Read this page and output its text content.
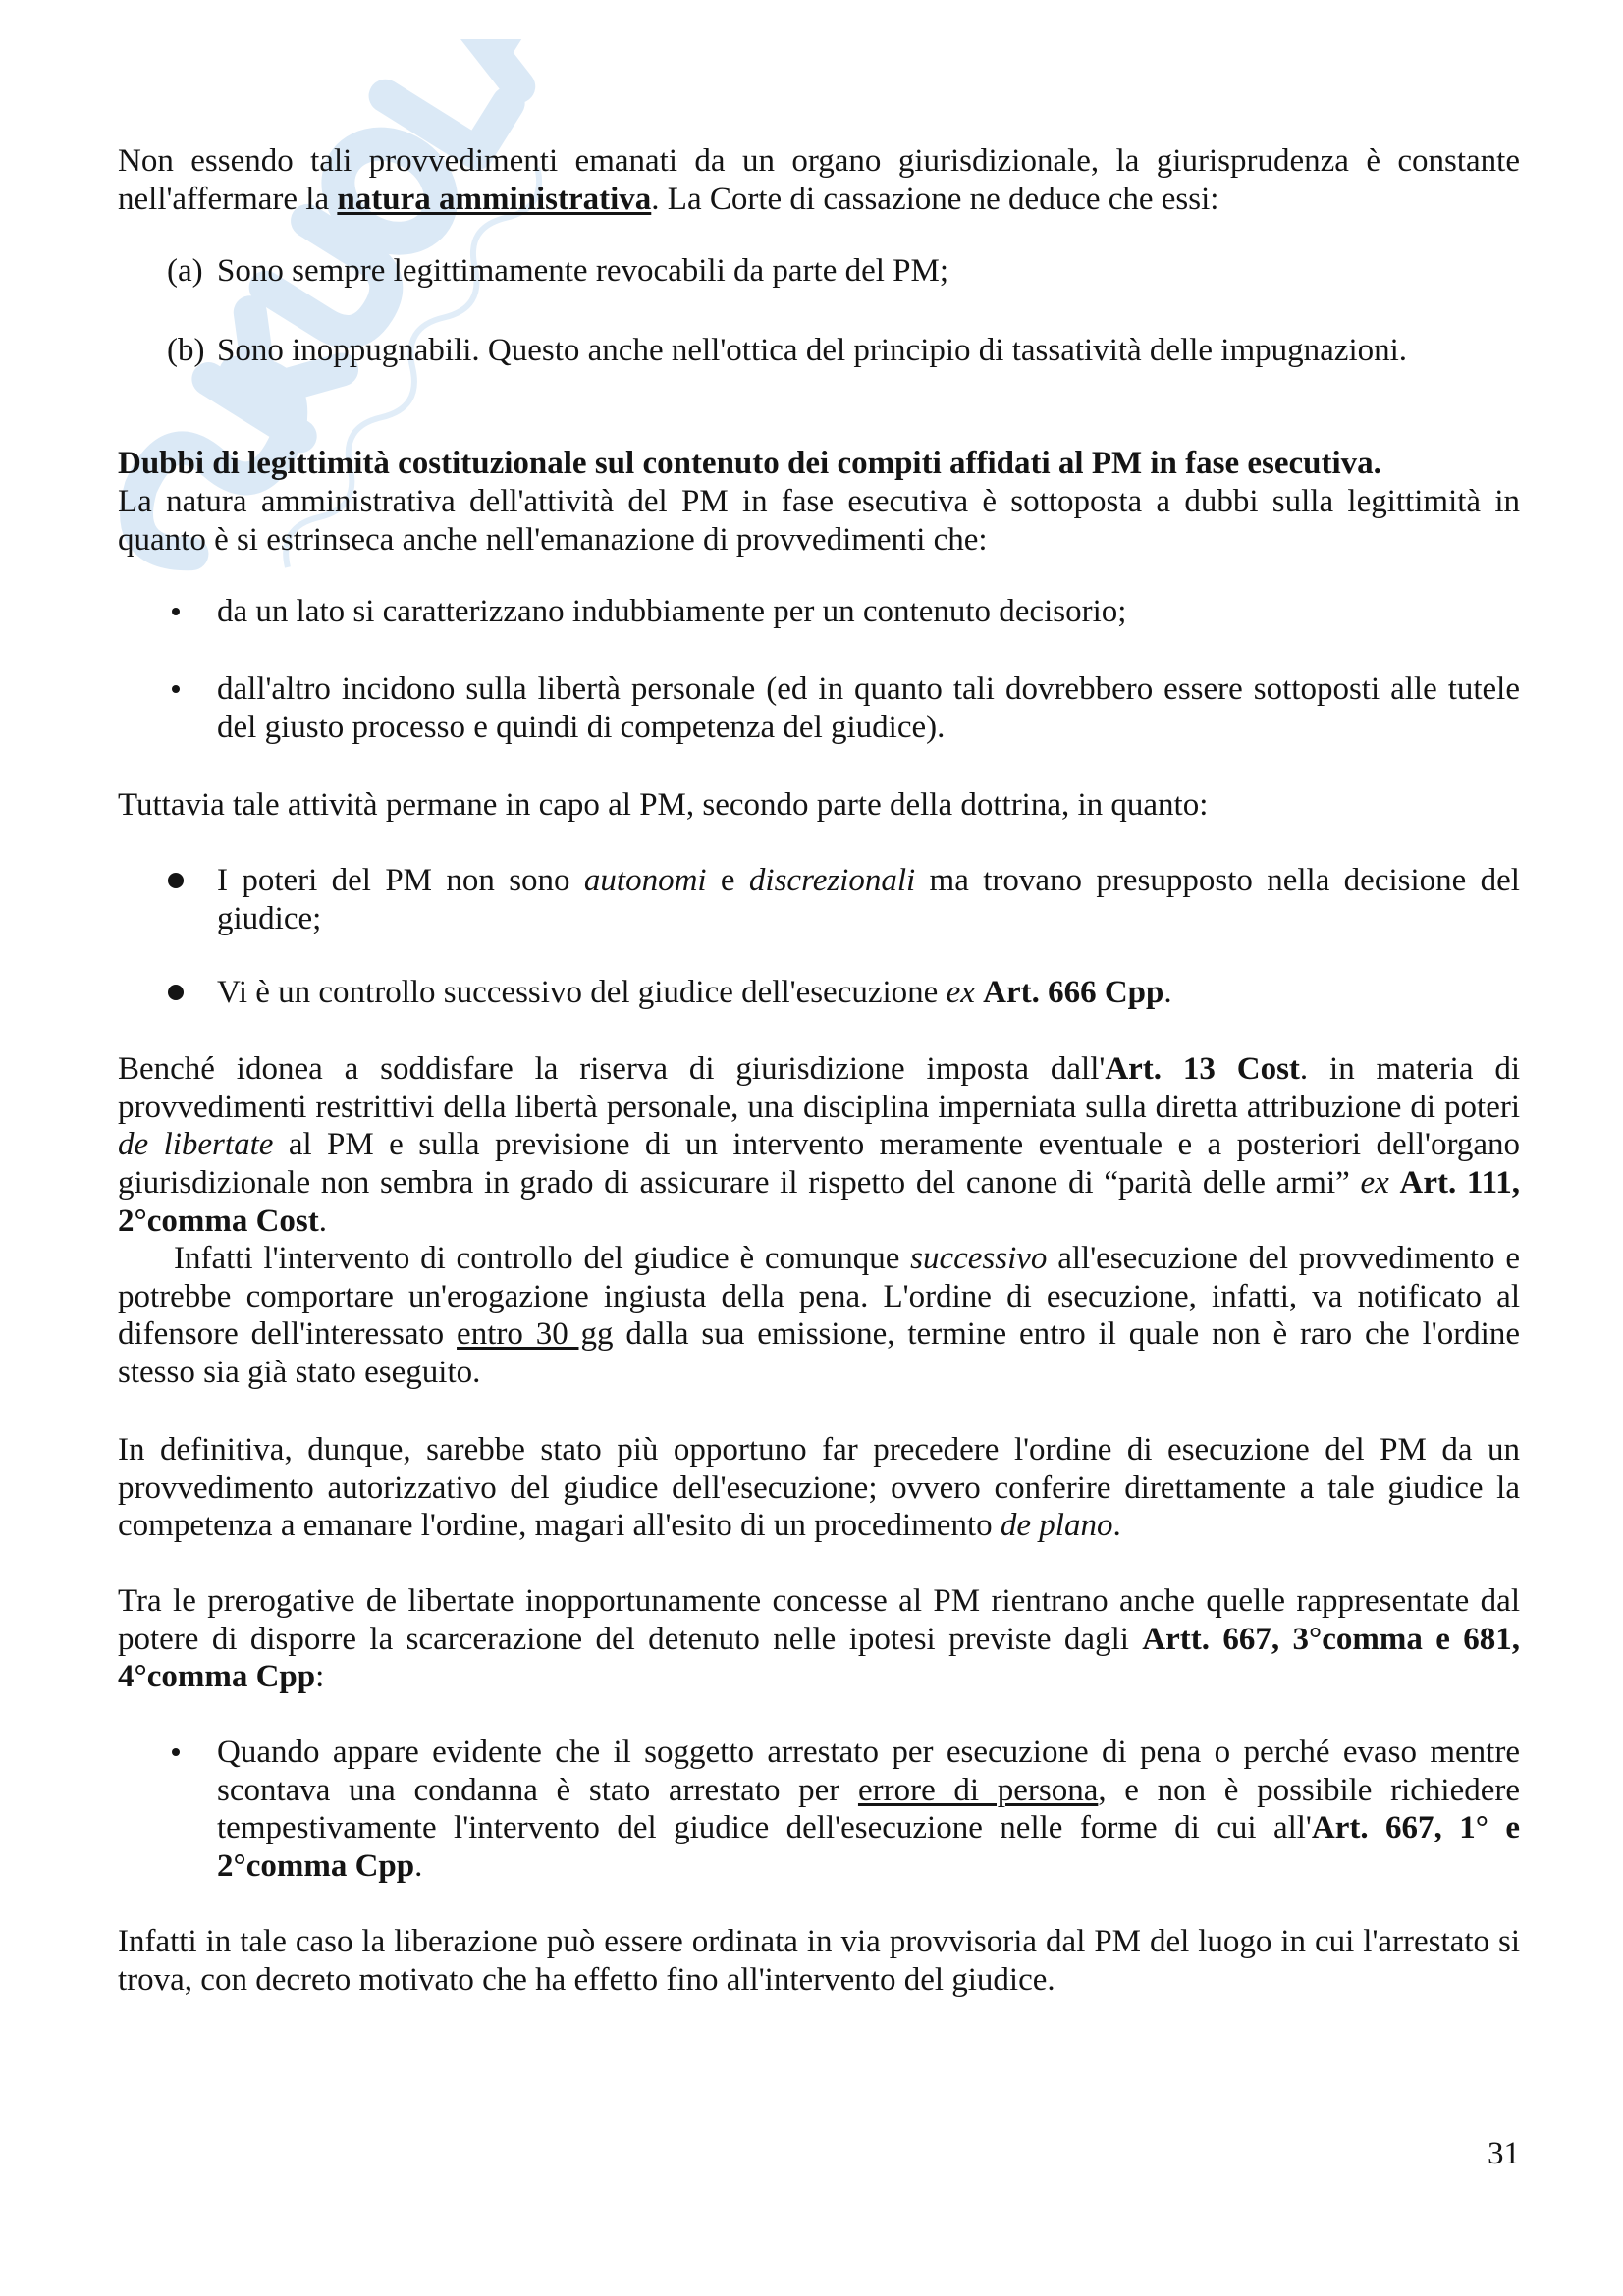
Non essendo tali provvedimenti emanati da un organo giurisdizionale, la giurisprudenza è constante nell'affermare la natura amministrativa. La Corte di cassazione ne deduce che essi:

(a) Sono sempre legittimamente revocabili da parte del PM;

(b) Sono inoppugnabili. Questo anche nell'ottica del principio di tassatività delle impugnazioni.

Dubbi di legittimità costituzionale sul contenuto dei compiti affidati al PM in fase esecutiva.

La natura amministrativa dell'attività del PM in fase esecutiva è sottoposta a dubbi sulla legittimità in quanto è si estrinseca anche nell'emanazione di provvedimenti che:

da un lato si caratterizzano indubbiamente per un contenuto decisorio;

dall'altro incidono sulla libertà personale (ed in quanto tali dovrebbero essere sottoposti alle tutele del giusto processo e quindi di competenza del giudice).

Tuttavia tale attività permane in capo al PM, secondo parte della dottrina, in quanto:

I poteri del PM non sono autonomi e discrezionali ma trovano presupposto nella decisione del giudice;

Vi è un controllo successivo del giudice dell'esecuzione ex Art. 666 Cpp.

Benché idonea a soddisfare la riserva di giurisdizione imposta dall'Art. 13 Cost. in materia di provvedimenti restrittivi della libertà personale, una disciplina imperniata sulla diretta attribuzione di poteri de libertate al PM e sulla previsione di un intervento meramente eventuale e a posteriori dell'organo giurisdizionale non sembra in grado di assicurare il rispetto del canone di “parità delle armi” ex Art. 111, 2°comma Cost.

Infatti l'intervento di controllo del giudice è comunque successivo all'esecuzione del provvedimento e potrebbe comportare un'erogazione ingiusta della pena. L'ordine di esecuzione, infatti, va notificato al difensore dell'interessato entro 30 gg dalla sua emissione, termine entro il quale non è raro che l'ordine stesso sia già stato eseguito.

In definitiva, dunque, sarebbe stato più opportuno far precedere l'ordine di esecuzione del PM da un provvedimento autorizzativo del giudice dell'esecuzione; ovvero conferire direttamente a tale giudice la competenza a emanare l'ordine, magari all'esito di un procedimento de plano.

Tra le prerogative de libertate inopportunamente concesse al PM rientrano anche quelle rappresentate dal potere di disporre la scarcerazione del detenuto nelle ipotesi previste dagli Artt. 667, 3°comma e 681, 4°comma Cpp:

Quando appare evidente che il soggetto arrestato per esecuzione di pena o perché evaso mentre scontava una condanna è stato arrestato per errore di persona, e non è possibile richiedere tempestivamente l'intervento del giudice dell'esecuzione nelle forme di cui all'Art. 667, 1° e 2°comma Cpp.

Infatti in tale caso la liberazione può essere ordinata in via provvisoria dal PM del luogo in cui l'arrestato si trova, con decreto motivato che ha effetto fino all'intervento del giudice.

31
